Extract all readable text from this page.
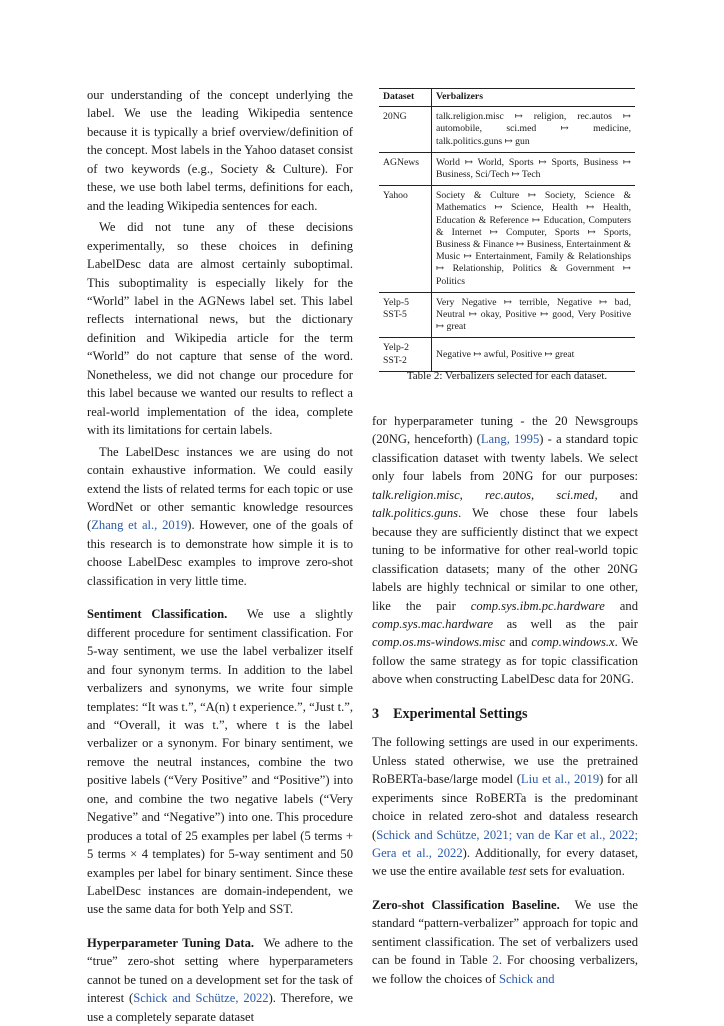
our understanding of the concept underlying the label. We use the leading Wikipedia sentence because it is typically a brief overview/definition of the concept. Most labels in the Yahoo dataset consist of two keywords (e.g., Society & Culture). For these, we use both label terms, definitions for each, and the leading Wikipedia sentences for each.

We did not tune any of these decisions experimentally, so these choices in defining LabelDesc data are almost certainly suboptimal. This suboptimality is especially likely for the “World” label in the AGNews label set. This label reflects international news, but the dictionary definition and Wikipedia article for the term “World” do not capture that sense of the word. Nonetheless, we did not change our procedure for this label because we wanted our results to reflect a real-world implementation of the idea, complete with its limitations for certain labels.

The LabelDesc instances we are using do not contain exhaustive information. We could easily extend the lists of related terms for each topic or use WordNet or other semantic knowledge resources (Zhang et al., 2019). However, one of the goals of this research is to demonstrate how simple it is to choose LabelDesc examples to improve zero-shot classification in very little time.

Sentiment Classification. We use a slightly different procedure for sentiment classification. For 5-way sentiment, we use the label verbalizer itself and four synonym terms. In addition to the label verbalizers and synonyms, we write four simple templates: “It was t.”, “A(n) t experience.”, “Just t.”, and “Overall, it was t.”, where t is the label verbalizer or a synonym. For binary sentiment, we remove the neutral instances, combine the two positive labels (“Very Positive” and “Positive”) into one, and combine the two negative labels (“Very Negative” and “Negative”) into one. This procedure produces a total of 25 examples per label (5 terms + 5 terms × 4 templates) for 5-way sentiment and 50 examples per label for binary sentiment. Since these LabelDesc instances are domain-independent, we use the same data for both Yelp and SST.

Hyperparameter Tuning Data. We adhere to the “true” zero-shot setting where hyperparameters cannot be tuned on a development set for the task of interest (Schick and Schütze, 2022). Therefore, we use a completely separate dataset

Dataset	Verbalizers
20NG	talk.religion.misc ↦ religion, rec.autos ↦ automobile, sci.med ↦ medicine, talk.politics.guns ↦ gun
AGNews	World ↦ World, Sports ↦ Sports, Business ↦ Business, Sci/Tech ↦ Tech
Yahoo	Society & Culture ↦ Society, Science & Mathematics ↦ Science, Health ↦ Health, Education & Reference ↦ Education, Computers & Internet ↦ Computer, Sports ↦ Sports, Business & Finance ↦ Business, Entertainment & Music ↦ Entertainment, Family & Relationships ↦ Relationship, Politics & Government ↦ Politics
Yelp-5
SST-5	Very Negative ↦ terrible, Negative ↦ bad, Neutral ↦ okay, Positive ↦ good, Very Positive ↦ great
Yelp-2
SST-2	Negative ↦ awful, Positive ↦ great
Table 2: Verbalizers selected for each dataset.

for hyperparameter tuning - the 20 Newsgroups (20NG, henceforth) (Lang, 1995) - a standard topic classification dataset with twenty labels. We select only four labels from 20NG for our purposes: talk.religion.misc, rec.autos, sci.med, and talk.politics.guns. We chose these four labels because they are sufficiently distinct that we expect tuning to be informative for other real-world topic classification datasets; many of the other 20NG labels are highly technical or similar to one other, like the pair comp.sys.ibm.pc.hardware and comp.sys.mac.hardware as well as the pair comp.os.ms-windows.misc and comp.windows.x. We follow the same strategy as for topic classification above when constructing LabelDesc data for 20NG.

3 Experimental Settings

The following settings are used in our experiments. Unless stated otherwise, we use the pretrained RoBERTa-base/large model (Liu et al., 2019) for all experiments since RoBERTa is the predominant choice in related zero-shot and dataless research (Schick and Schütze, 2021; van de Kar et al., 2022; Gera et al., 2022). Additionally, for every dataset, we use the entire available test sets for evaluation.

Zero-shot Classification Baseline. We use the standard “pattern-verbalizer” approach for topic and sentiment classification. The set of verbalizers used can be found in Table 2. For choosing verbalizers, we follow the choices of Schick and
